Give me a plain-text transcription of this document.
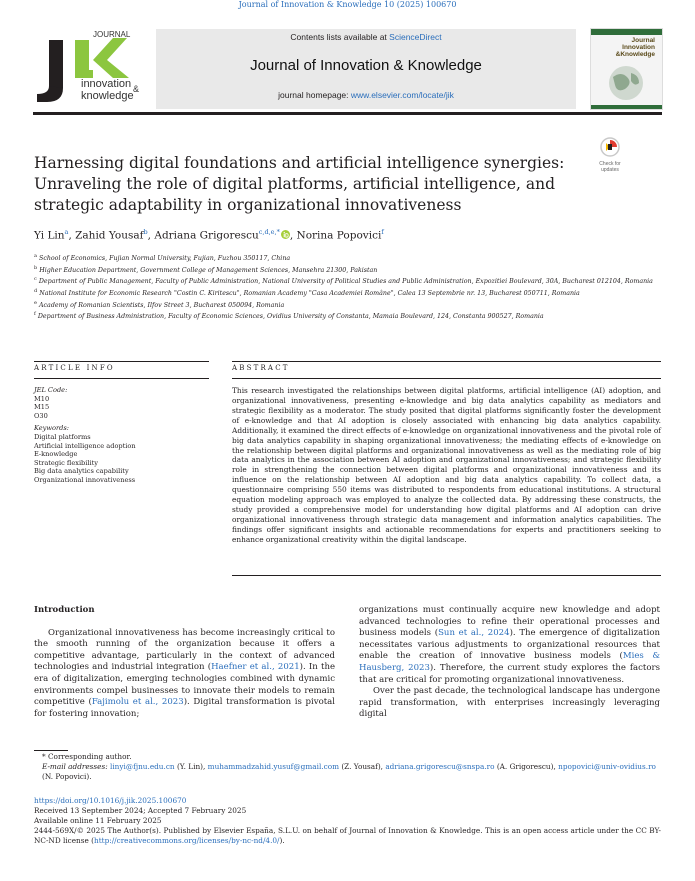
Journal of Innovation & Knowledge 10 (2025) 100670
JOURNAL
innovation &
knowledge
Contents lists available at ScienceDirect
Journal of Innovation & Knowledge
journal homepage: www.elsevier.com/locate/jik
Journal
Innovation
&Knowledge
Check for
updates
Harnessing digital foundations and artificial intelligence synergies: Unraveling the role of digital platforms, artificial intelligence, and strategic adaptability in organizational innovativeness
Yi Lin$^a$, Zahid Yousaf$^b$, Adriana Grigorescu$^{c,d,e,*}$ , Norina Popovici$^f$
$^a$ School of Economics, Fujian Normal University, Fujian, Fuzhou 350117, China
$^b$ Higher Education Department, Government College of Management Sciences, Mansehra 21300, Pakistan
$^c$ Department of Public Management, Faculty of Public Administration, National University of Political Studies and Public Administration, Expozitiei Boulevard, 30A, Bucharest 012104, Romania
$^d$ National Institute for Economic Research "Costin C. Kiritescu", Romanian Academy "Casa Academiei Române", Calea 13 Septembrie nr. 13, Bucharest 050711, Romania
$^e$ Academy of Romanian Scientists, Ilfov Street 3, Bucharest 050094, Romania
$^f$ Department of Business Administration, Faculty of Economic Sciences, Ovidius University of Constanta, Mamaia Boulevard, 124, Constanta 900527, Romania
ARTICLE INFO
JEL Code:
M10
M15
O30
Keywords:
Digital platforms
Artificial intelligence adoption
E-knowledge
Strategic flexibility
Big data analytics capability
Organizational innovativeness
ABSTRACT
This research investigated the relationships between digital platforms, artificial intelligence (AI) adoption, and organizational innovativeness, presenting e-knowledge and big data analytics capability as mediators and strategic flexibility as a moderator. The study posited that digital platforms significantly foster the development of e-knowledge and that AI adoption is closely associated with enhancing big data analytics capability. Additionally, it examined the direct effects of e-knowledge on organizational innovativeness and the pivotal role of big data analytics capability in shaping organizational innovativeness; the mediating effects of e-knowledge on the relationship between digital platforms and organizational innovativeness as well as the mediating role of big data analytics in the association between AI adoption and organizational innovativeness; and strategic flexibility role in strengthening the connection between digital platforms and organizational innovativeness and its influence on the relationship between AI adoption and big data analytics capability. To collect data, a questionnaire comprising 550 items was distributed to respondents from educational institutions. A structural equation modeling approach was employed to analyze the collected data. By addressing these constructs, the study provided a comprehensive model for understanding how digital platforms and AI adoption can drive organizational innovativeness through strategic data management and information analytics capabilities. The findings offer significant insights and actionable recommendations for experts and practitioners seeking to enhance organizational creativity within the digital landscape.

Introduction

Organizational innovativeness has become increasingly critical to the smooth running of the organization because it offers a competitive advantage, particularly in the context of advanced technologies and industrial integration (Haefner et al., 2021). In the era of digitalization, emerging technologies combined with dynamic environments compel businesses to innovate their models to remain competitive (Fajimolu et al., 2023). Digital transformation is pivotal for fostering innovation;

organizations must continually acquire new knowledge and adopt advanced technologies to refine their operational processes and business models (Sun et al., 2024). The emergence of digitalization necessitates various adjustments to organizational resources that enable the creation of innovative business models (Mies & Hausberg, 2023). Therefore, the current study explores the factors that are critical for promoting organizational innovativeness.

Over the past decade, the technological landscape has undergone rapid transformation, with enterprises increasingly leveraging digital

* Corresponding author.
E-mail addresses: linyi@fjnu.edu.cn (Y. Lin), muhammadzahid.yusuf@gmail.com (Z. Yousaf), adriana.grigorescu@snspa.ro (A. Grigorescu), npopovici@univ-ovidius.ro (N. Popovici).
https://doi.org/10.1016/j.jik.2025.100670
Received 13 September 2024; Accepted 7 February 2025
Available online 11 February 2025
2444-569X/© 2025 The Author(s). Published by Elsevier España, S.L.U. on behalf of Journal of Innovation & Knowledge. This is an open access article under the CC BY-NC-ND license (http://creativecommons.org/licenses/by-nc-nd/4.0/).
